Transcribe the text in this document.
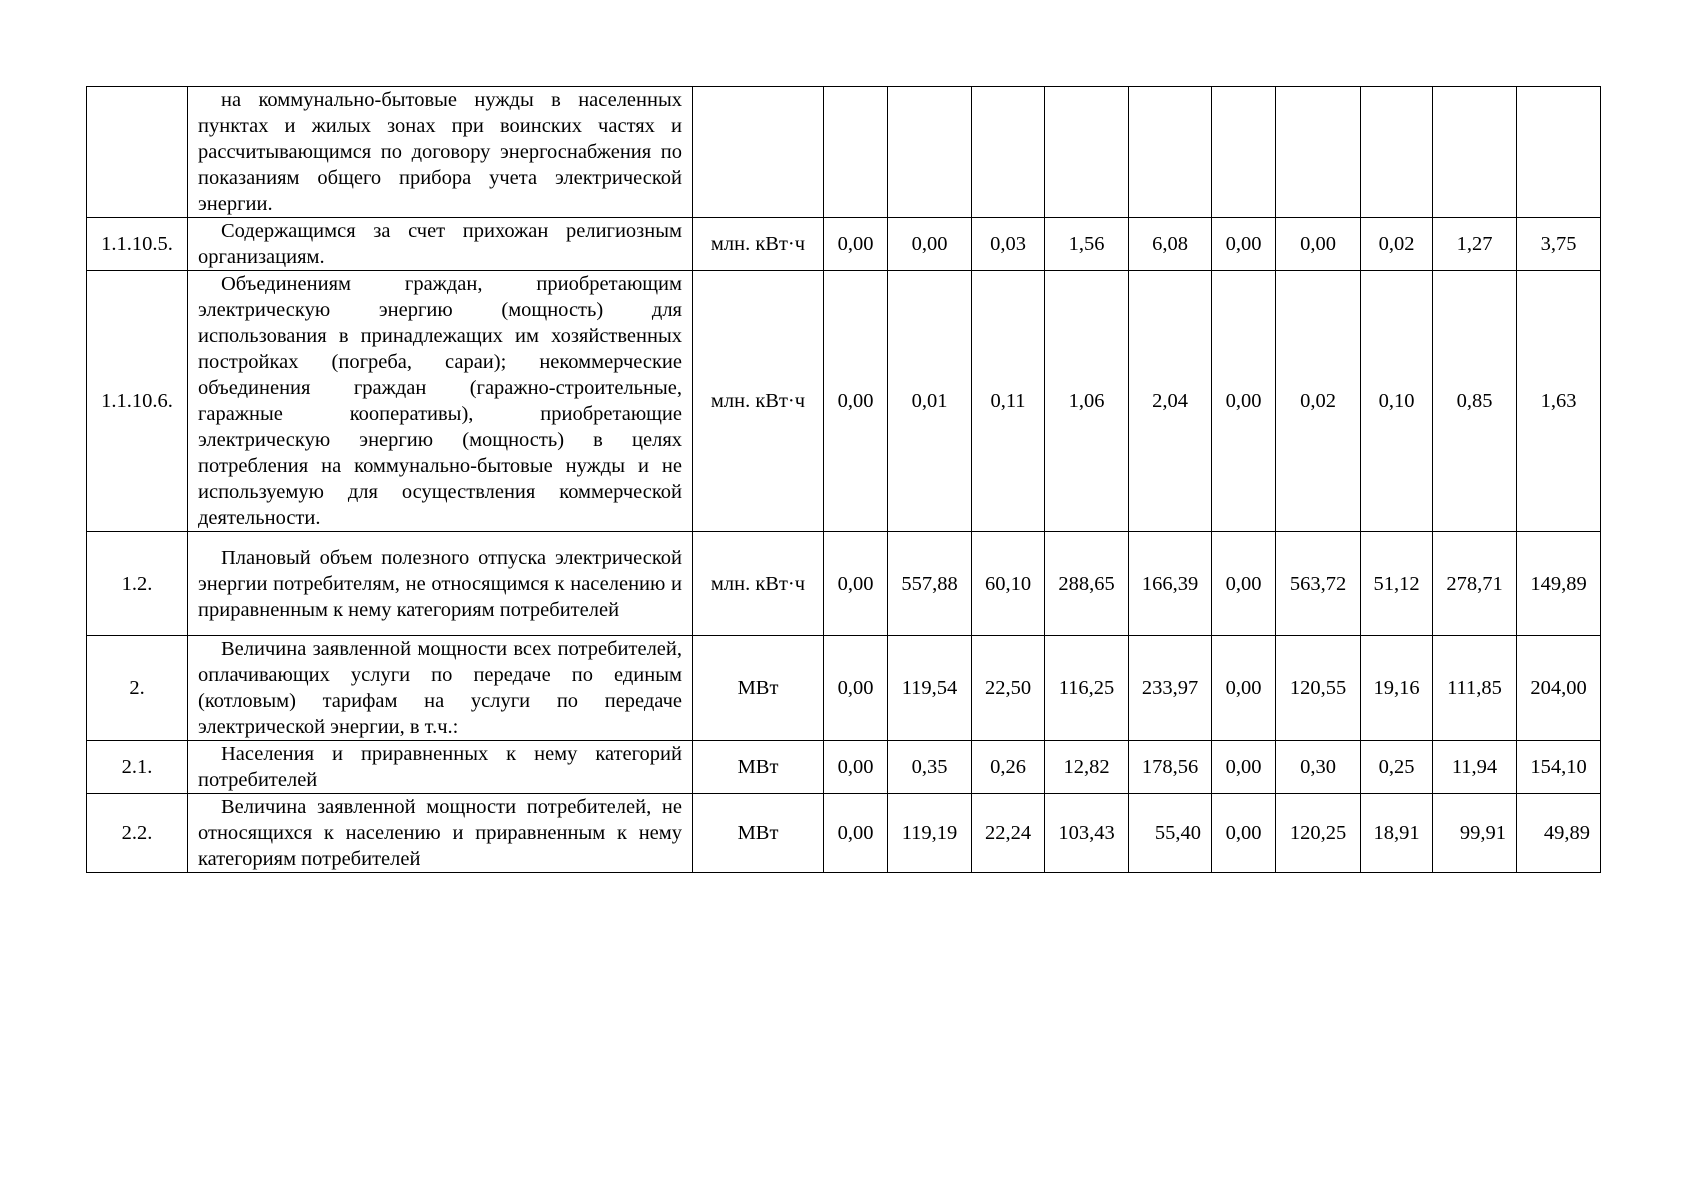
	на коммунально-бытовые нужды в населенных пунктах и жилых зонах при воинских частях и рассчитывающимся по договору энергоснабжения по показаниям общего прибора учета электрической энергии.											

1.1.10.5.	Содержащимся за счет прихожан религиозным организациям.	млн. кВт·ч	0,00	0,00	0,03	1,56	6,08	0,00	0,00	0,02	1,27	3,75
1.1.10.6.	Объединениям граждан, приобретающим электрическую энергию (мощность) для использования в принадлежащих им хозяйственных постройках (погреба, сараи); некоммерческие объединения граждан (гаражно-строительные, гаражные кооперативы), приобретающие электрическую энергию (мощность) в целях потребления на коммунально-бытовые нужды и не используемую для осуществления коммерческой деятельности.	млн. кВт·ч	0,00	0,01	0,11	1,06	2,04	0,00	0,02	0,10	0,85	1,63
1.2.	Плановый объем полезного отпуска электрической энергии потребителям, не относящимся к населению и приравненным к нему категориям потребителей	млн. кВт·ч	0,00	557,88	60,10	288,65	166,39	0,00	563,72	51,12	278,71	149,89
2.	Величина заявленной мощности всех потребителей, оплачивающих услуги по передаче по единым (котловым) тарифам на услуги по передаче электрической энергии, в т.ч.:	МВт	0,00	119,54	22,50	116,25	233,97	0,00	120,55	19,16	111,85	204,00
2.1.	Населения и приравненных к нему категорий потребителей	МВт	0,00	0,35	0,26	12,82	178,56	0,00	0,30	0,25	11,94	154,10
2.2.	Величина заявленной мощности потребителей, не относящихся к населению и приравненным к нему категориям потребителей	МВт	0,00	119,19	22,24	103,43	55,40	0,00	120,25	18,91	99,91	49,89
